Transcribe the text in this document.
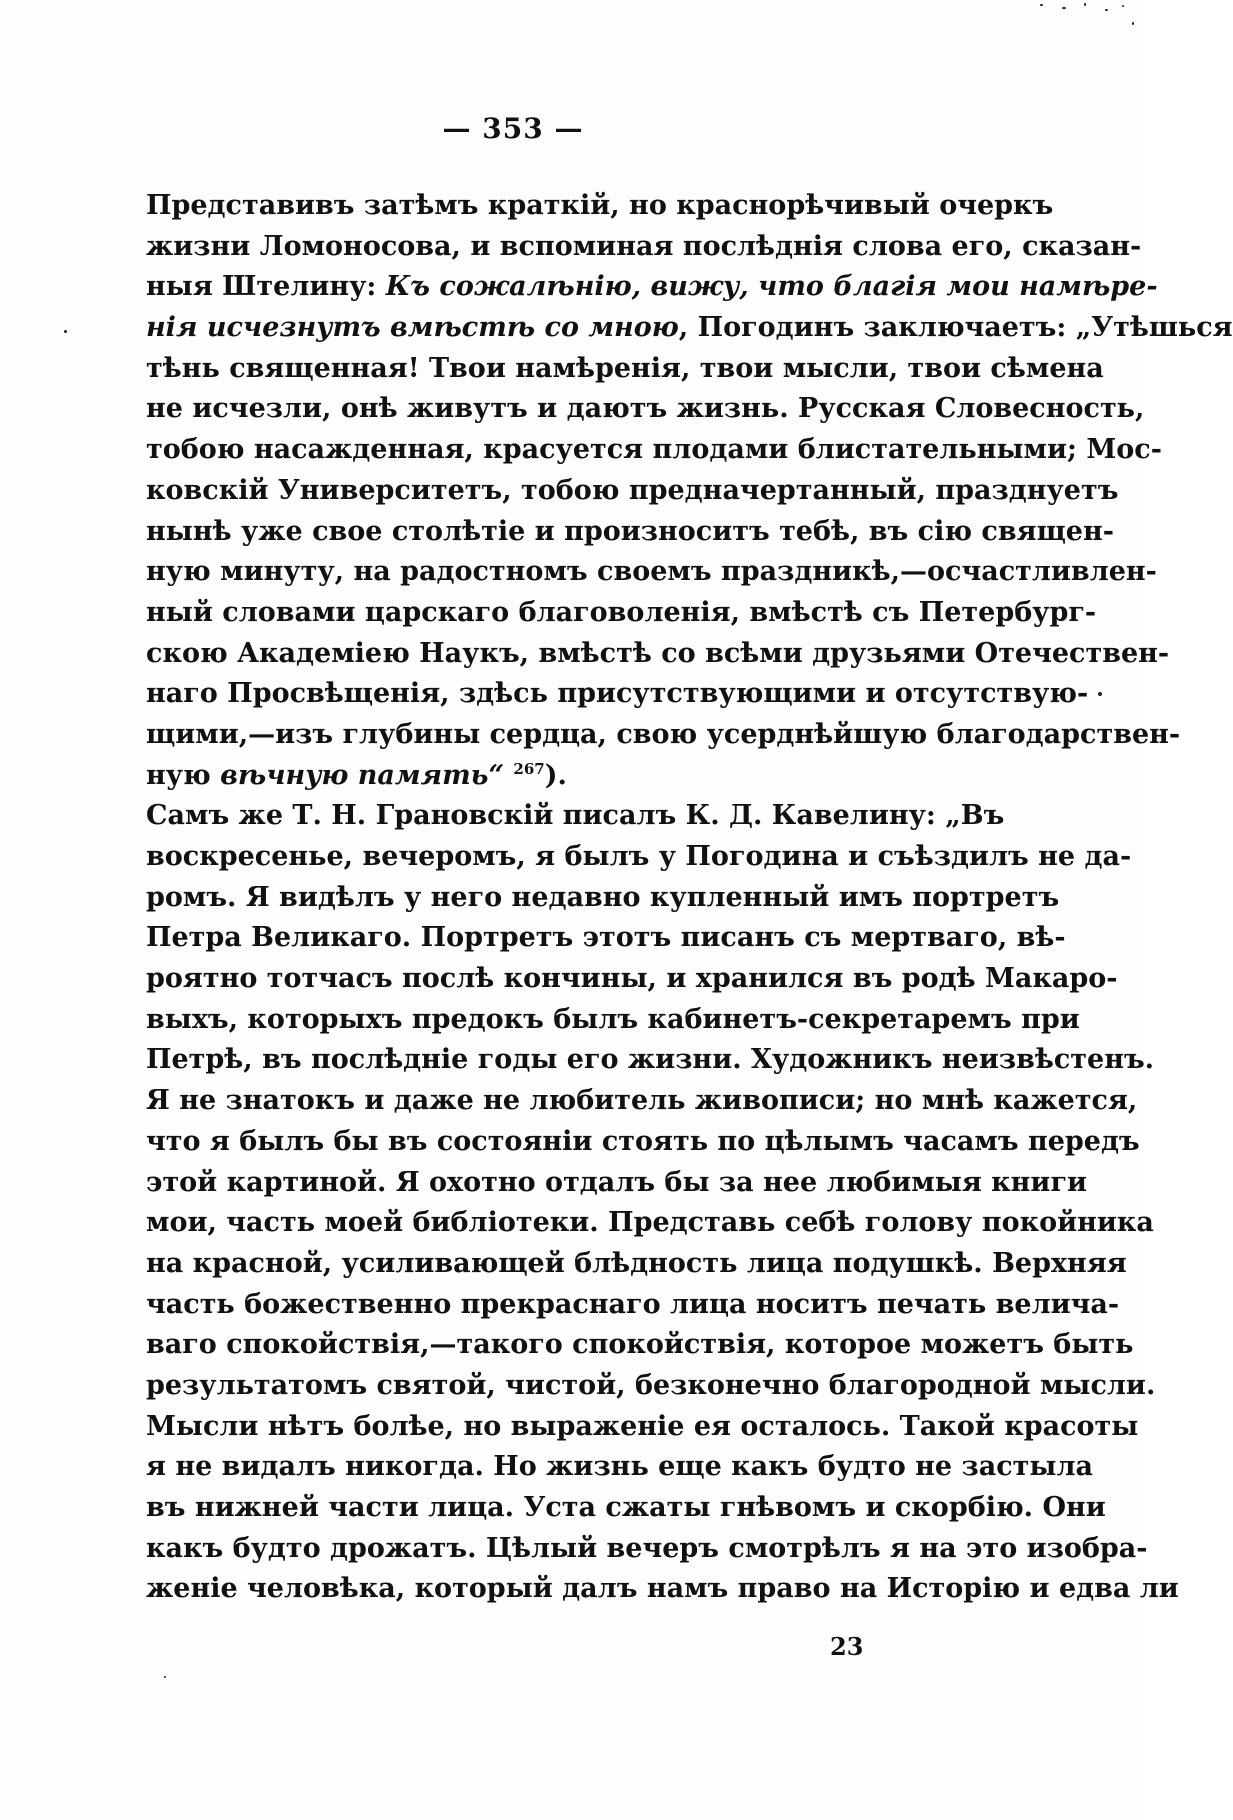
— 353 —
Представивъ затѣмъ краткій, но краснорѣчивый очеркъ
жизни Ломоносова, и вспоминая послѣднія слова его, сказан-
ныя Штелину: Къ сожалѣнію, вижу, что благія мои намѣре-
нія исчезнутъ вмѣстѣ со мною, Погодинъ заключаетъ: „Утѣшься
тѣнь священная! Твои намѣренія, твои мысли, твои сѣмена
не исчезли, онѣ живутъ и даютъ жизнь. Русская Словесность,
тобою насажденная, красуется плодами блистательными; Мос-
ковскій Университетъ, тобою предначертанный, празднуетъ
нынѣ уже свое столѣтіе и произноситъ тебѣ, въ сію священ-
ную минуту, на радостномъ своемъ праздникѣ,—осчастливлен-
ный словами царскаго благоволенія, вмѣстѣ съ Петербург-
скою Академіею Наукъ, вмѣстѣ со всѣми друзьями Отечествен-
наго Просвѣщенія, здѣсь присутствующими и отсутствую-
щими,—изъ глубины сердца, свою усерднѣйшую благодарствен-
ную вѣчную память“ $^{267}$).
Самъ же Т. Н. Грановскій писалъ К. Д. Кавелину: „Въ
воскресенье, вечеромъ, я былъ у Погодина и съѣздилъ не да-
ромъ. Я видѣлъ у него недавно купленный имъ портретъ
Петра Великаго. Портретъ этотъ писанъ съ мертваго, вѣ-
роятно тотчасъ послѣ кончины, и хранился въ родѣ Макаро-
выхъ, которыхъ предокъ былъ кабинетъ-секретаремъ при
Петрѣ, въ послѣдніе годы его жизни. Художникъ неизвѣстенъ.
Я не знатокъ и даже не любитель живописи; но мнѣ кажется,
что я былъ бы въ состояніи стоять по цѣлымъ часамъ передъ
этой картиной. Я охотно отдалъ бы за нее любимыя книги
мои, часть моей библіотеки. Представь себѣ голову покойника
на красной, усиливающей блѣдность лица подушкѣ. Верхняя
часть божественно прекраснаго лица носитъ печать велича-
ваго спокойствія,—такого спокойствія, которое можетъ быть
результатомъ святой, чистой, безконечно благородной мысли.
Мысли нѣтъ болѣе, но выраженіе ея осталось. Такой красоты
я не видалъ никогда. Но жизнь еще какъ будто не застыла
въ нижней части лица. Уста сжаты гнѣвомъ и скорбію. Они
какъ будто дрожатъ. Цѣлый вечеръ смотрѣлъ я на это изобра-
женіе человѣка, который далъ намъ право на Исторію и едва ли
23
